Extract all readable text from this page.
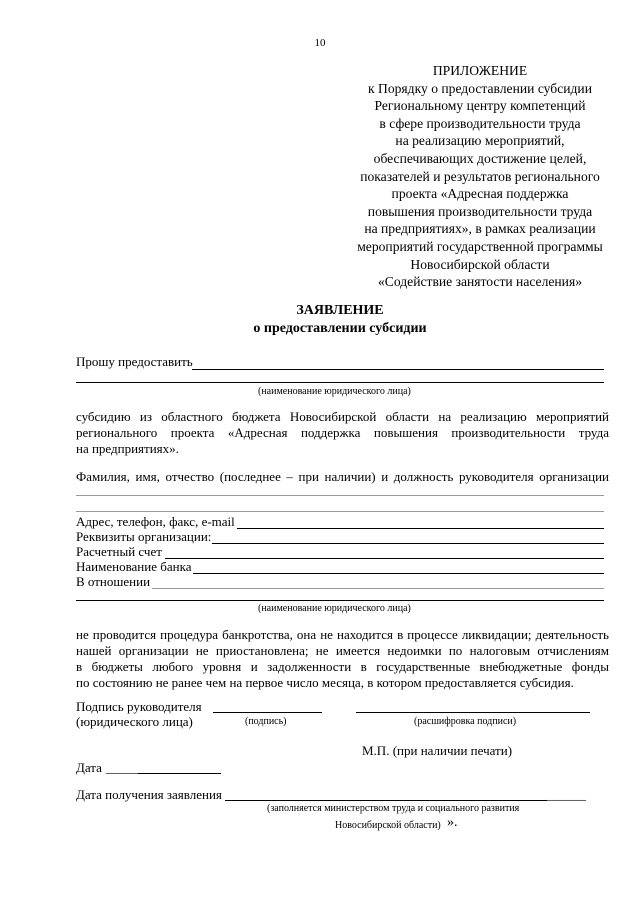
10
ПРИЛОЖЕНИЕ
к Порядку о предоставлении субсидии
Региональному центру компетенций
в сфере производительности труда
на реализацию мероприятий,
обеспечивающих достижение целей,
показателей и результатов регионального
проекта «Адресная поддержка
повышения производительности труда
на предприятиях», в рамках реализации
мероприятий государственной программы
Новосибирской области
«Содействие занятости населения»
ЗАЯВЛЕНИЕ
о предоставлении субсидии
Прошу предоставить
(наименование юридического лица)
субсидию из областного бюджета Новосибирской области на реализацию мероприятий
регионального проекта «Адресная поддержка повышения производительности труда
на предприятиях».
Фамилия, имя, отчество (последнее – при наличии) и должность руководителя организации
Адрес, телефон, факс, e-mail
Реквизиты организации:
Расчетный счет
Наименование банка
В отношении
(наименование юридического лица)
не проводится процедура банкротства, она не находится в процессе ликвидации; деятельность
нашей организации не приостановлена; не имеется недоимки по налоговым отчислениям
в бюджеты любого уровня и задолженности в государственные внебюджетные фонды
по состоянию не ранее чем на первое число месяца, в котором предоставляется субсидия.
Подпись руководителя
(юридического лица)	(подпись)	(расшифровка подписи)
М.П. (при наличии печати)
Дата _____
Дата получения заявления	______
(заполняется министерством труда и социального развития
Новосибирской области) ».
